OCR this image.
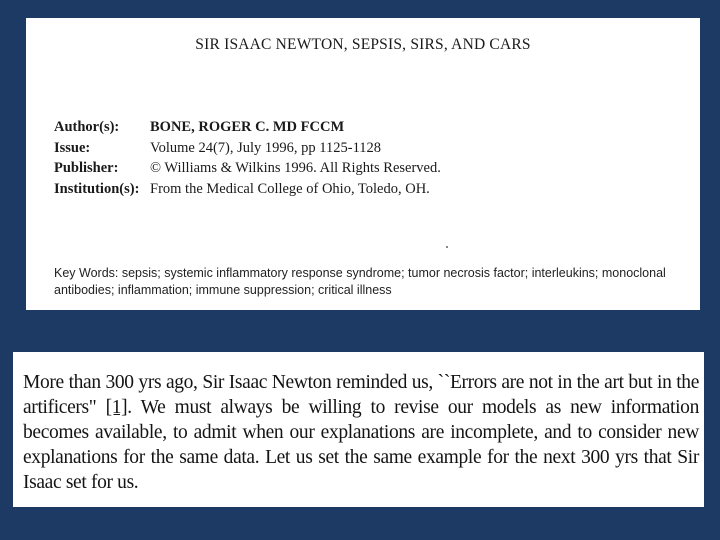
SIR ISAAC NEWTON, SEPSIS, SIRS, AND CARS
Author(s):	BONE, ROGER C. MD FCCM
Issue:	Volume 24(7), July 1996, pp 1125-1128
Publisher:	© Williams & Wilkins 1996. All Rights Reserved.
Institution(s): From the Medical College of Ohio, Toledo, OH.
Key Words: sepsis; systemic inflammatory response syndrome; tumor necrosis factor; interleukins; monoclonal antibodies; inflammation; immune suppression; critical illness
More than 300 yrs ago, Sir Isaac Newton reminded us, ``Errors are not in the art but in the artificers" [1]. We must always be willing to revise our models as new information becomes available, to admit when our explanations are incomplete, and to consider new explanations for the same data. Let us set the same example for the next 300 yrs that Sir Isaac set for us.
